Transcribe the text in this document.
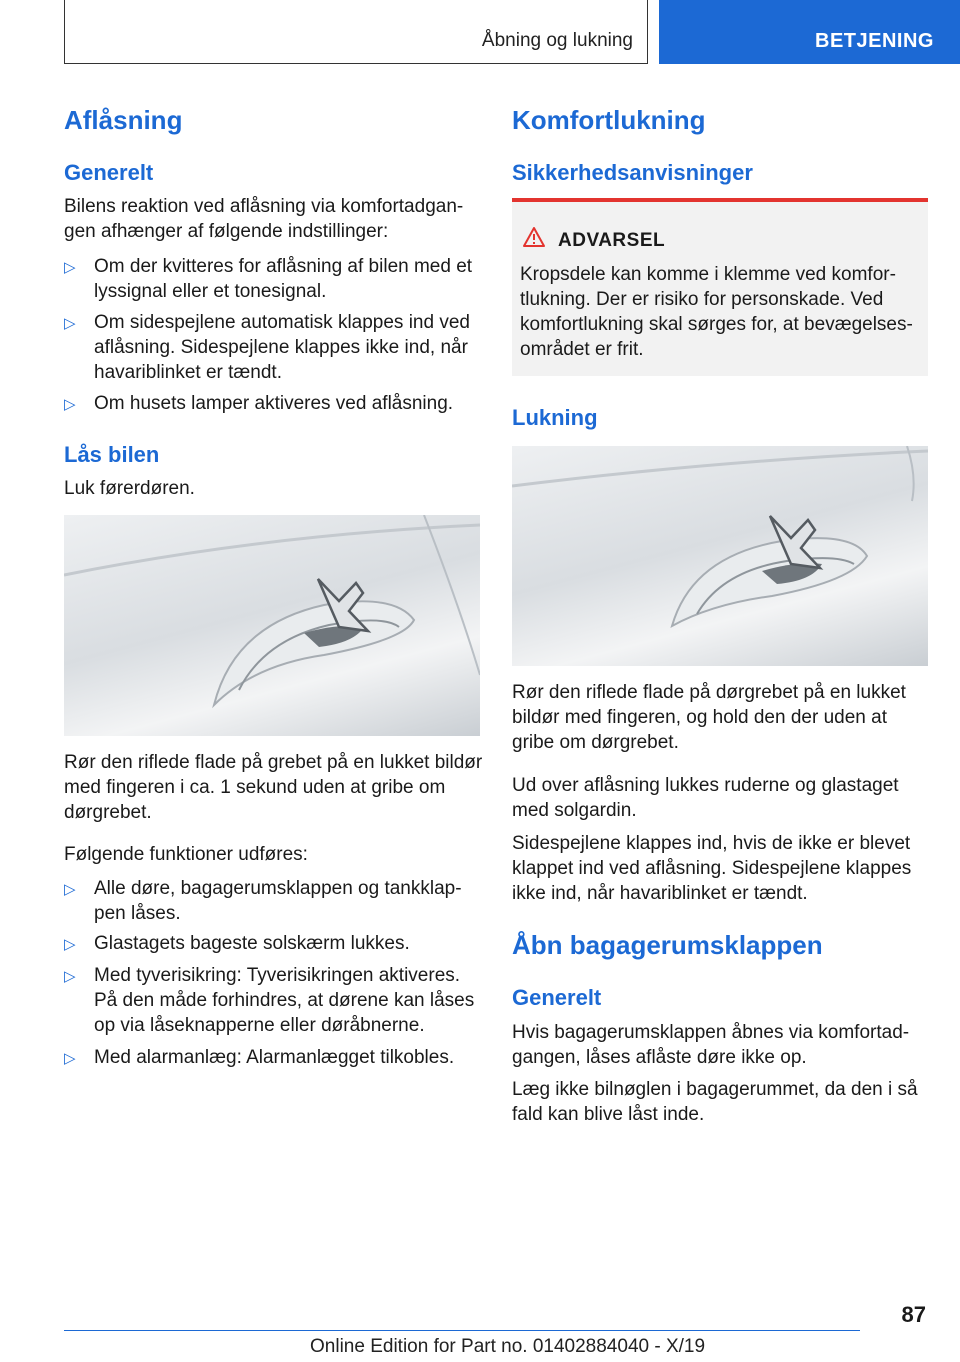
Åbning og lukning	BETJENING
Aflåsning
Generelt
Bilens reaktion ved aflåsning via komfortadgan-
gen afhænger af følgende indstillinger:
▷ Om der kvitteres for aflåsning af bilen med et
lyssignal eller et tonesignal.
▷ Om sidespejlene automatisk klappes ind ved
aflåsning. Sidespejlene klappes ikke ind, når
havariblinket er tændt.
▷ Om husets lamper aktiveres ved aflåsning.
Lås bilen
Luk førerdøren.
Rør den riflede flade på grebet på en lukket bildør
med fingeren i ca. 1 sekund uden at gribe om
dørgrebet.
Følgende funktioner udføres:
▷ Alle døre, bagagerumsklappen og tankklap-
pen låses.
▷ Glastagets bageste solskærm lukkes.
▷ Med tyverisikring: Tyverisikringen aktiveres.
På den måde forhindres, at dørene kan låses
op via låseknapperne eller døråbnerne.
▷ Med alarmanlæg: Alarmanlægget tilkobles.
Komfortlukning
Sikkerhedsanvisninger
ADVARSEL
Kropsdele kan komme i klemme ved komfor-
tlukning. Der er risiko for personskade. Ved
komfortlukning skal sørges for, at bevægelses-
området er frit.
Lukning
Rør den riflede flade på dørgrebet på en lukket
bildør med fingeren, og hold den der uden at
gribe om dørgrebet.
Ud over aflåsning lukkes ruderne og glastaget
med solgardin.
Sidespejlene klappes ind, hvis de ikke er blevet
klappet ind ved aflåsning. Sidespejlene klappes
ikke ind, når havariblinket er tændt.
Åbn bagagerumsklappen
Generelt
Hvis bagagerumsklappen åbnes via komfortad-
gangen, låses aflåste døre ikke op.
Læg ikke bilnøglen i bagagerummet, da den i så
fald kan blive låst inde.
87
Online Edition for Part no. 01402884040 - X/19
